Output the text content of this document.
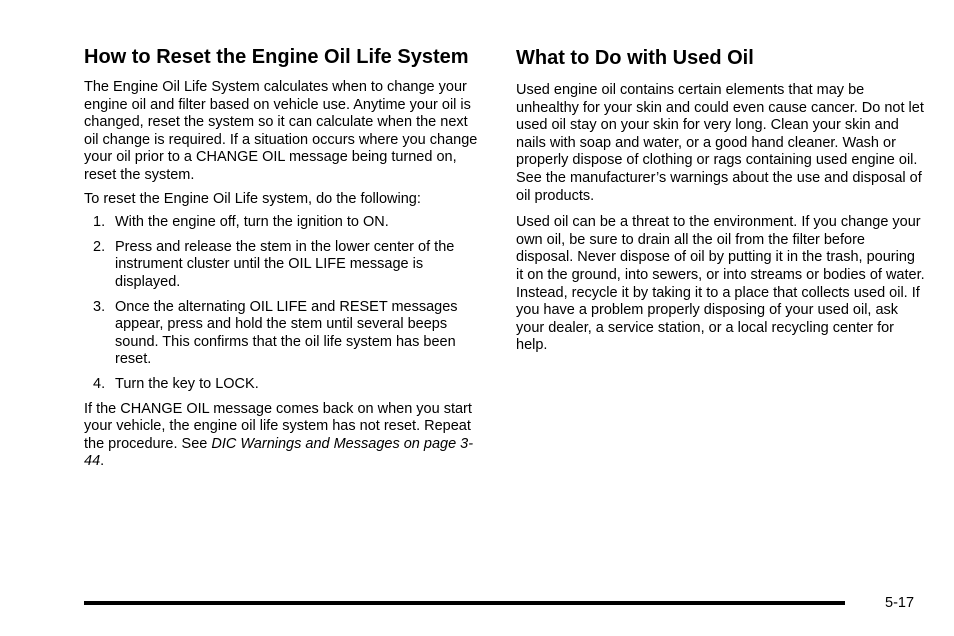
How to Reset the Engine Oil Life System

The Engine Oil Life System calculates when to change your engine oil and filter based on vehicle use. Anytime your oil is changed, reset the system so it can calculate when the next oil change is required. If a situation occurs where you change your oil prior to a CHANGE OIL message being turned on, reset the system.

To reset the Engine Oil Life system, do the following:

1. With the engine off, turn the ignition to ON.
2. Press and release the stem in the lower center of the instrument cluster until the OIL LIFE message is displayed.
3. Once the alternating OIL LIFE and RESET messages appear, press and hold the stem until several beeps sound. This confirms that the oil life system has been reset.
4. Turn the key to LOCK.

If the CHANGE OIL message comes back on when you start your vehicle, the engine oil life system has not reset. Repeat the procedure. See DIC Warnings and Messages on page 3-44.

What to Do with Used Oil

Used engine oil contains certain elements that may be unhealthy for your skin and could even cause cancer. Do not let used oil stay on your skin for very long. Clean your skin and nails with soap and water, or a good hand cleaner. Wash or properly dispose of clothing or rags containing used engine oil. See the manufacturer’s warnings about the use and disposal of oil products.

Used oil can be a threat to the environment. If you change your own oil, be sure to drain all the oil from the filter before disposal. Never dispose of oil by putting it in the trash, pouring it on the ground, into sewers, or into streams or bodies of water. Instead, recycle it by taking it to a place that collects used oil. If you have a problem properly disposing of your used oil, ask your dealer, a service station, or a local recycling center for help.

5-17
